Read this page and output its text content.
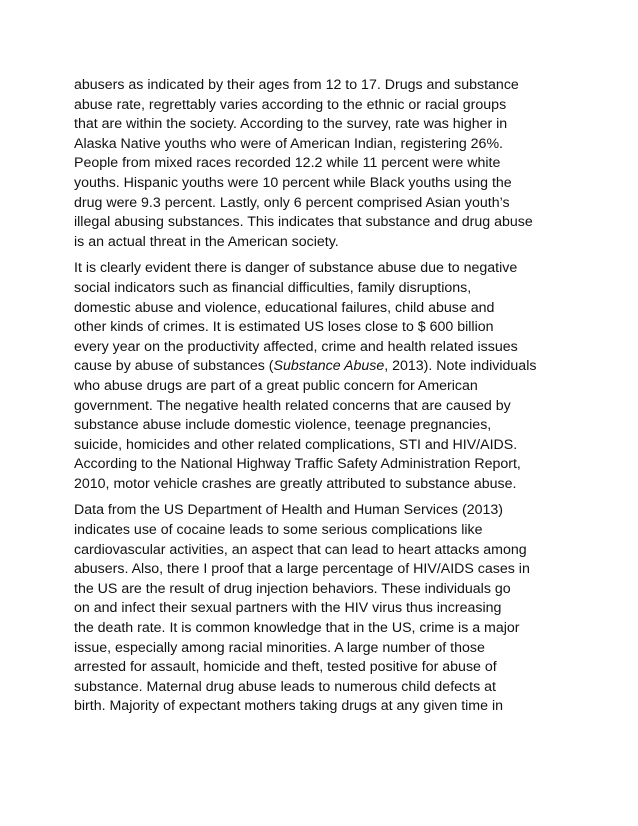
abusers as indicated by their ages from 12 to 17. Drugs and substance
abuse rate, regrettably varies according to the ethnic or racial groups
that are within the society. According to the survey, rate was higher in
Alaska Native youths who were of American Indian, registering 26%.
People from mixed races recorded 12.2 while 11 percent were white
youths. Hispanic youths were 10 percent while Black youths using the
drug were 9.3 percent. Lastly, only 6 percent comprised Asian youth’s
illegal abusing substances. This indicates that substance and drug abuse
is an actual threat in the American society.

It is clearly evident there is danger of substance abuse due to negative
social indicators such as financial difficulties, family disruptions,
domestic abuse and violence, educational failures, child abuse and
other kinds of crimes. It is estimated US loses close to $ 600 billion
every year on the productivity affected, crime and health related issues
cause by abuse of substances (Substance Abuse, 2013). Note individuals
who abuse drugs are part of a great public concern for American
government. The negative health related concerns that are caused by
substance abuse include domestic violence, teenage pregnancies,
suicide, homicides and other related complications, STI and HIV/AIDS.
According to the National Highway Traffic Safety Administration Report,
2010, motor vehicle crashes are greatly attributed to substance abuse.

Data from the US Department of Health and Human Services (2013)
indicates use of cocaine leads to some serious complications like
cardiovascular activities, an aspect that can lead to heart attacks among
abusers. Also, there I proof that a large percentage of HIV/AIDS cases in
the US are the result of drug injection behaviors. These individuals go
on and infect their sexual partners with the HIV virus thus increasing
the death rate. It is common knowledge that in the US, crime is a major
issue, especially among racial minorities. A large number of those
arrested for assault, homicide and theft, tested positive for abuse of
substance. Maternal drug abuse leads to numerous child defects at
birth. Majority of expectant mothers taking drugs at any given time in
